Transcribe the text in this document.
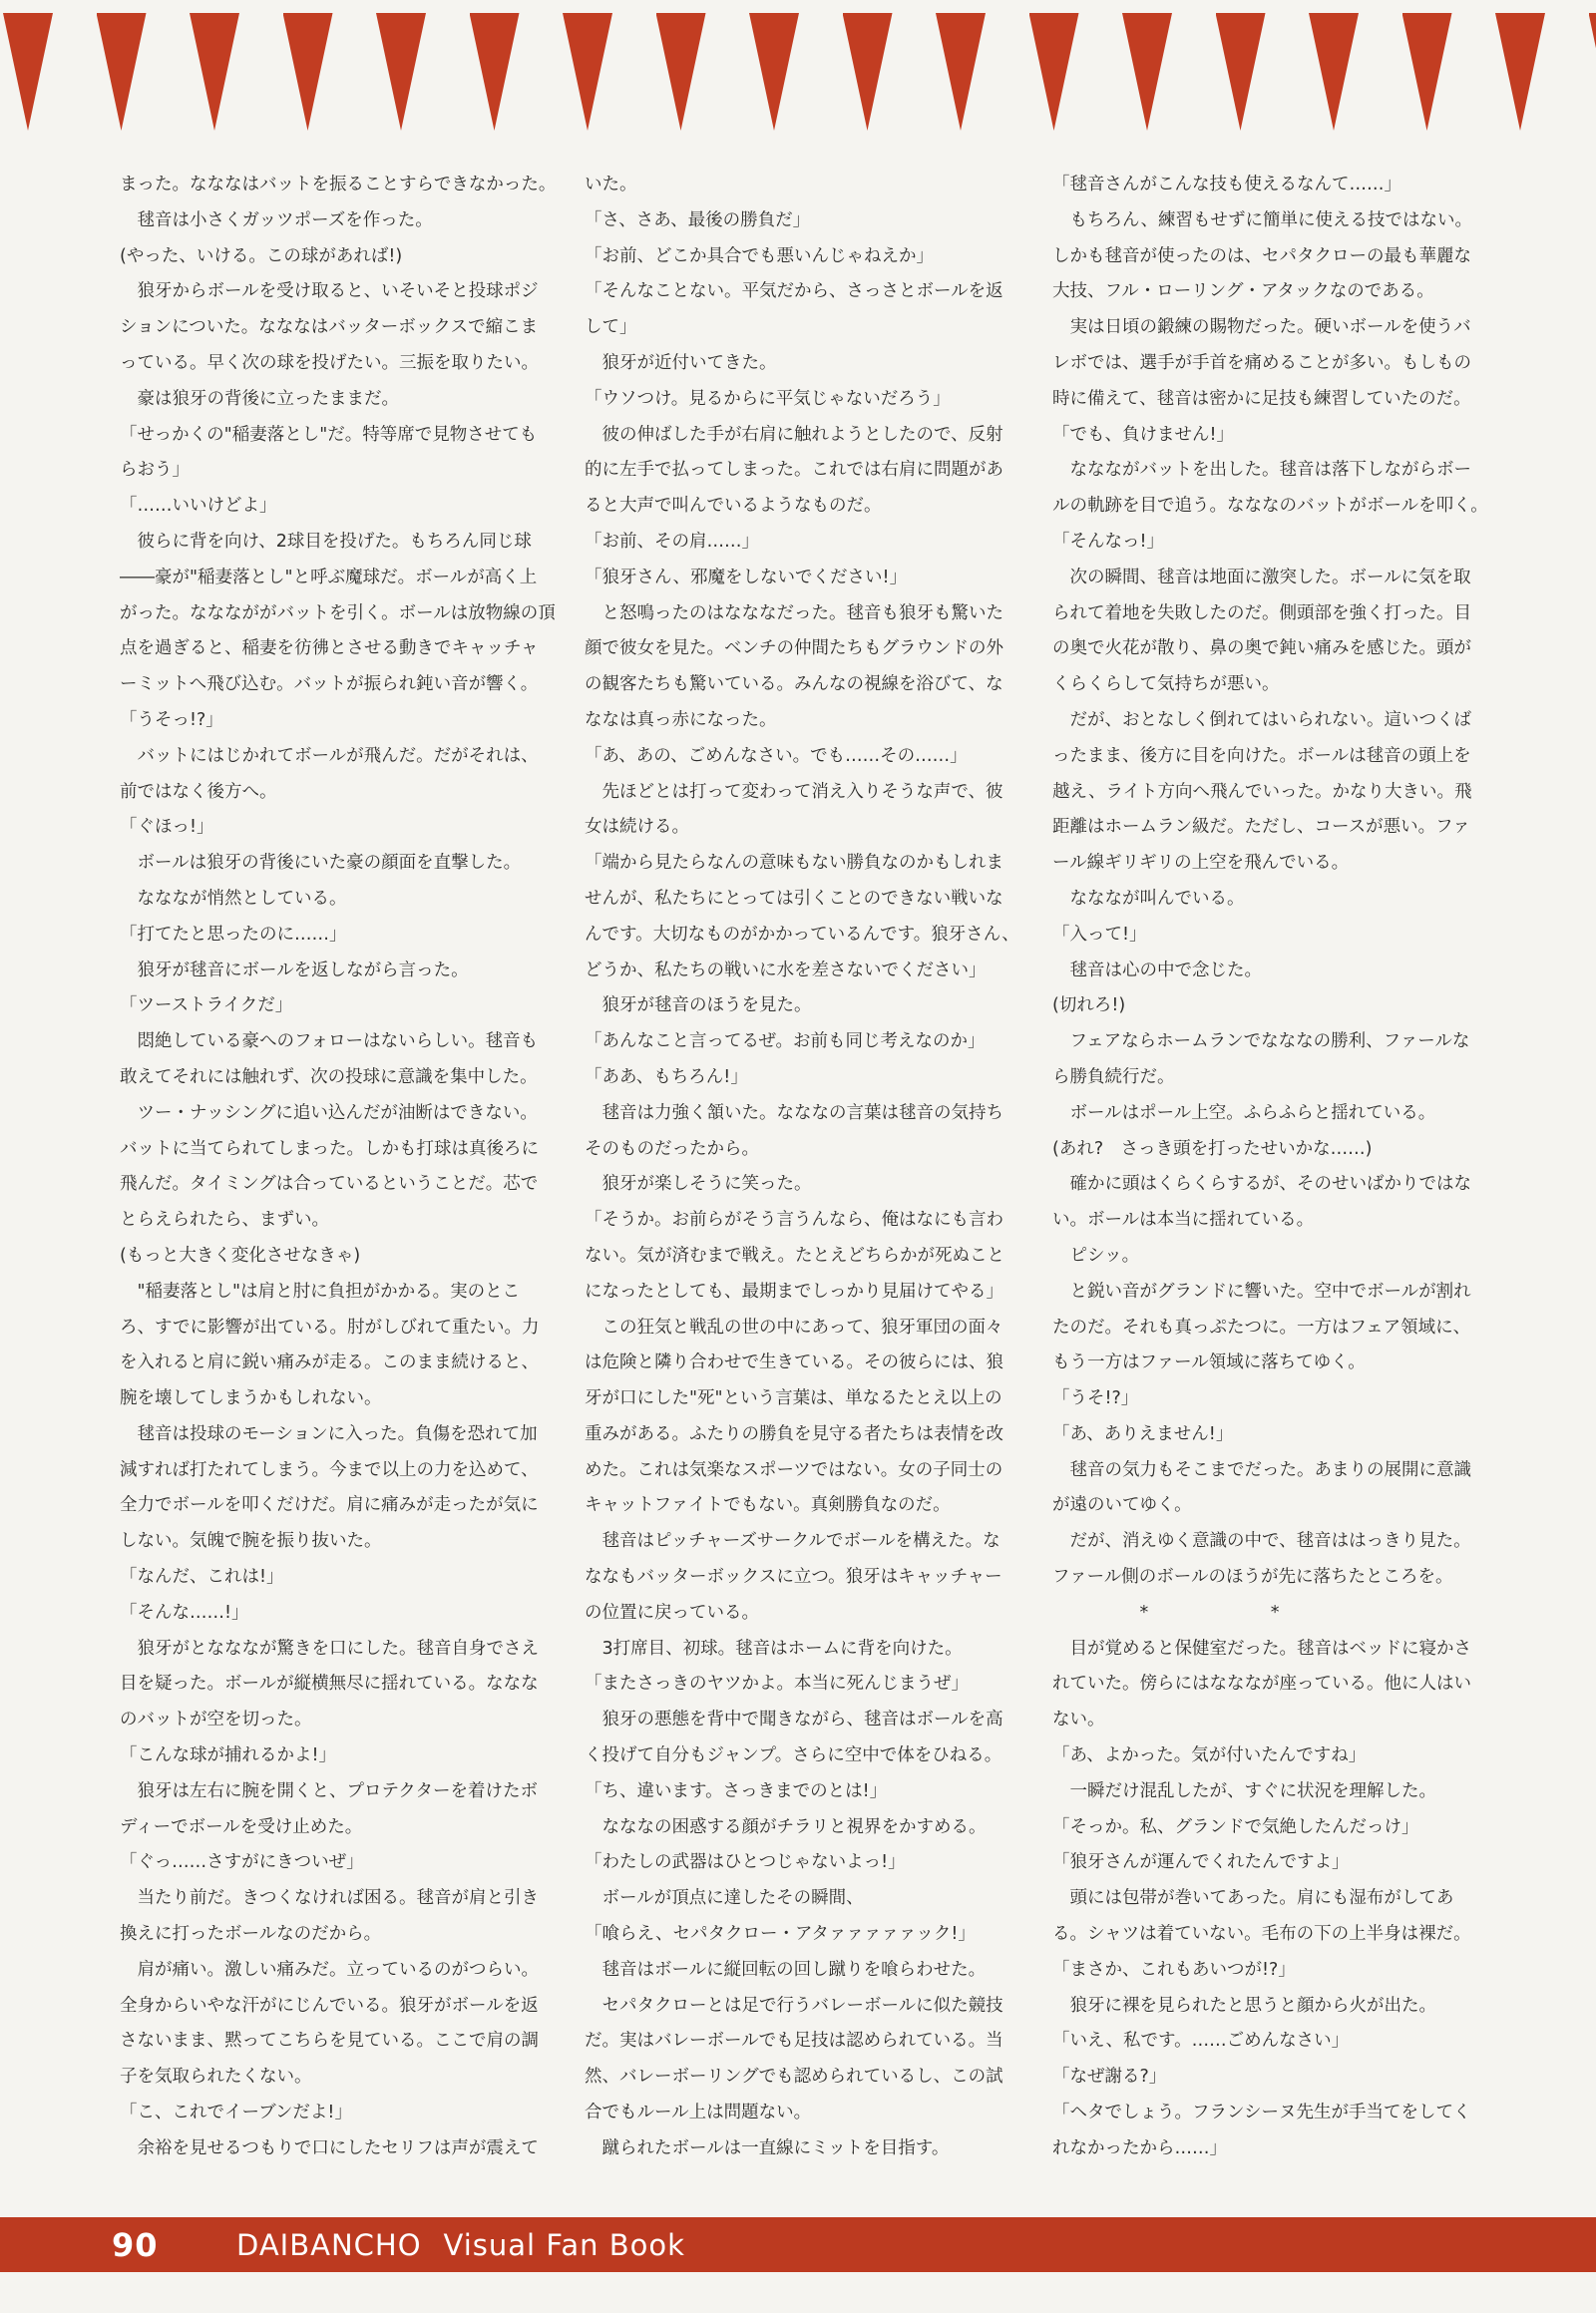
まった。なななはバットを振ることすらできなかった。
　毬音は小さくガッツポーズを作った。
(やった、いける。この球があれば!)
　狼牙からボールを受け取ると、いそいそと投球ポジ
ションについた。なななはバッターボックスで縮こま
っている。早く次の球を投げたい。三振を取りたい。
　豪は狼牙の背後に立ったままだ。
「せっかくの"稲妻落とし"だ。特等席で見物させても
らおう」
「……いいけどよ」
　彼らに背を向け、2球目を投げた。もちろん同じ球
――豪が"稲妻落とし"と呼ぶ魔球だ。ボールが高く上
がった。なななががバットを引く。ボールは放物線の頂
点を過ぎると、稲妻を彷彿とさせる動きでキャッチャ
ーミットへ飛び込む。バットが振られ鈍い音が響く。
「うそっ!?」
　バットにはじかれてボールが飛んだ。だがそれは、
前ではなく後方へ。
「ぐほっ!」
　ボールは狼牙の背後にいた豪の顔面を直撃した。
　なななが悄然としている。
「打てたと思ったのに……」
　狼牙が毬音にボールを返しながら言った。
「ツーストライクだ」
　悶絶している豪へのフォローはないらしい。毬音も
敢えてそれには触れず、次の投球に意識を集中した。
　ツー・ナッシングに追い込んだが油断はできない。
バットに当てられてしまった。しかも打球は真後ろに
飛んだ。タイミングは合っているということだ。芯で
とらえられたら、まずい。
(もっと大きく変化させなきゃ)
　"稲妻落とし"は肩と肘に負担がかかる。実のとこ
ろ、すでに影響が出ている。肘がしびれて重たい。力
を入れると肩に鋭い痛みが走る。このまま続けると、
腕を壊してしまうかもしれない。
　毬音は投球のモーションに入った。負傷を恐れて加
減すれば打たれてしまう。今まで以上の力を込めて、
全力でボールを叩くだけだ。肩に痛みが走ったが気に
しない。気魄で腕を振り抜いた。
「なんだ、これは!」
「そんな……!」
　狼牙がとなななが驚きを口にした。毬音自身でさえ
目を疑った。ボールが縦横無尽に揺れている。ななな
のバットが空を切った。
「こんな球が捕れるかよ!」
　狼牙は左右に腕を開くと、プロテクターを着けたボ
ディーでボールを受け止めた。
「ぐっ……さすがにきついぜ」
　当たり前だ。きつくなければ困る。毬音が肩と引き
換えに打ったボールなのだから。
　肩が痛い。激しい痛みだ。立っているのがつらい。
全身からいやな汗がにじんでいる。狼牙がボールを返
さないまま、黙ってこちらを見ている。ここで肩の調
子を気取られたくない。
「こ、これでイーブンだよ!」
　余裕を見せるつもりで口にしたセリフは声が震えて
いた。
「さ、さあ、最後の勝負だ」
「お前、どこか具合でも悪いんじゃねえか」
「そんなことない。平気だから、さっさとボールを返
して」
　狼牙が近付いてきた。
「ウソつけ。見るからに平気じゃないだろう」
　彼の伸ばした手が右肩に触れようとしたので、反射
的に左手で払ってしまった。これでは右肩に問題があ
ると大声で叫んでいるようなものだ。
「お前、その肩……」
「狼牙さん、邪魔をしないでください!」
　と怒鳴ったのはなななだった。毬音も狼牙も驚いた
顔で彼女を見た。ベンチの仲間たちもグラウンドの外
の観客たちも驚いている。みんなの視線を浴びて、な
ななは真っ赤になった。
「あ、あの、ごめんなさい。でも……その……」
　先ほどとは打って変わって消え入りそうな声で、彼
女は続ける。
「端から見たらなんの意味もない勝負なのかもしれま
せんが、私たちにとっては引くことのできない戦いな
んです。大切なものがかかっているんです。狼牙さん、
どうか、私たちの戦いに水を差さないでください」
　狼牙が毬音のほうを見た。
「あんなこと言ってるぜ。お前も同じ考えなのか」
「ああ、もちろん!」
　毬音は力強く頷いた。なななの言葉は毬音の気持ち
そのものだったから。
　狼牙が楽しそうに笑った。
「そうか。お前らがそう言うんなら、俺はなにも言わ
ない。気が済むまで戦え。たとえどちらかが死ぬこと
になったとしても、最期までしっかり見届けてやる」
　この狂気と戦乱の世の中にあって、狼牙軍団の面々
は危険と隣り合わせで生きている。その彼らには、狼
牙が口にした"死"という言葉は、単なるたとえ以上の
重みがある。ふたりの勝負を見守る者たちは表情を改
めた。これは気楽なスポーツではない。女の子同士の
キャットファイトでもない。真剣勝負なのだ。
　毬音はピッチャーズサークルでボールを構えた。な
ななもバッターボックスに立つ。狼牙はキャッチャー
の位置に戻っている。
　3打席目、初球。毬音はホームに背を向けた。
「またさっきのヤツかよ。本当に死んじまうぜ」
　狼牙の悪態を背中で聞きながら、毬音はボールを高
く投げて自分もジャンプ。さらに空中で体をひねる。
「ち、違います。さっきまでのとは!」
　なななの困惑する顔がチラリと視界をかすめる。
「わたしの武器はひとつじゃないよっ!」
　ボールが頂点に達したその瞬間、
「喰らえ、セパタクロー・アタァァァァァック!」
　毬音はボールに縦回転の回し蹴りを喰らわせた。
　セパタクローとは足で行うバレーボールに似た競技
だ。実はバレーボールでも足技は認められている。当
然、バレーボーリングでも認められているし、この試
合でもルール上は問題ない。
　蹴られたボールは一直線にミットを目指す。
「毬音さんがこんな技も使えるなんて……」
　もちろん、練習もせずに簡単に使える技ではない。
しかも毬音が使ったのは、セパタクローの最も華麗な
大技、フル・ローリング・アタックなのである。
　実は日頃の鍛練の賜物だった。硬いボールを使うバ
レボでは、選手が手首を痛めることが多い。もしもの
時に備えて、毬音は密かに足技も練習していたのだ。
「でも、負けません!」
　ななながバットを出した。毬音は落下しながらボー
ルの軌跡を目で追う。なななのバットがボールを叩く。
「そんなっ!」
　次の瞬間、毬音は地面に激突した。ボールに気を取
られて着地を失敗したのだ。側頭部を強く打った。目
の奥で火花が散り、鼻の奥で鈍い痛みを感じた。頭が
くらくらして気持ちが悪い。
　だが、おとなしく倒れてはいられない。這いつくば
ったまま、後方に目を向けた。ボールは毬音の頭上を
越え、ライト方向へ飛んでいった。かなり大きい。飛
距離はホームラン級だ。ただし、コースが悪い。ファ
ール線ギリギリの上空を飛んでいる。
　なななが叫んでいる。
「入って!」
　毬音は心の中で念じた。
(切れろ!)
　フェアならホームランでなななの勝利、ファールな
ら勝負続行だ。
　ボールはポール上空。ふらふらと揺れている。
(あれ?　さっき頭を打ったせいかな……)
　確かに頭はくらくらするが、そのせいばかりではな
い。ボールは本当に揺れている。
　ピシッ。
　と鋭い音がグランドに響いた。空中でボールが割れ
たのだ。それも真っぷたつに。一方はフェア領域に、
もう一方はファール領域に落ちてゆく。
「うそ!?」
「あ、ありえません!」
　毬音の気力もそこまでだった。あまりの展開に意識
が遠のいてゆく。
　だが、消えゆく意識の中で、毬音ははっきり見た。
ファール側のボールのほうが先に落ちたところを。
　　　　　*　　　　　　　*
　目が覚めると保健室だった。毬音はベッドに寝かさ
れていた。傍らにはなななが座っている。他に人はい
ない。
「あ、よかった。気が付いたんですね」
　一瞬だけ混乱したが、すぐに状況を理解した。
「そっか。私、グランドで気絶したんだっけ」
「狼牙さんが運んでくれたんですよ」
　頭には包帯が巻いてあった。肩にも湿布がしてあ
る。シャツは着ていない。毛布の下の上半身は裸だ。
「まさか、これもあいつが!?」
　狼牙に裸を見られたと思うと顔から火が出た。
「いえ、私です。……ごめんなさい」
「なぜ謝る?」
「ヘタでしょう。フランシーヌ先生が手当てをしてく
れなかったから……」
90	DAIBANCHO Visual Fan Book
